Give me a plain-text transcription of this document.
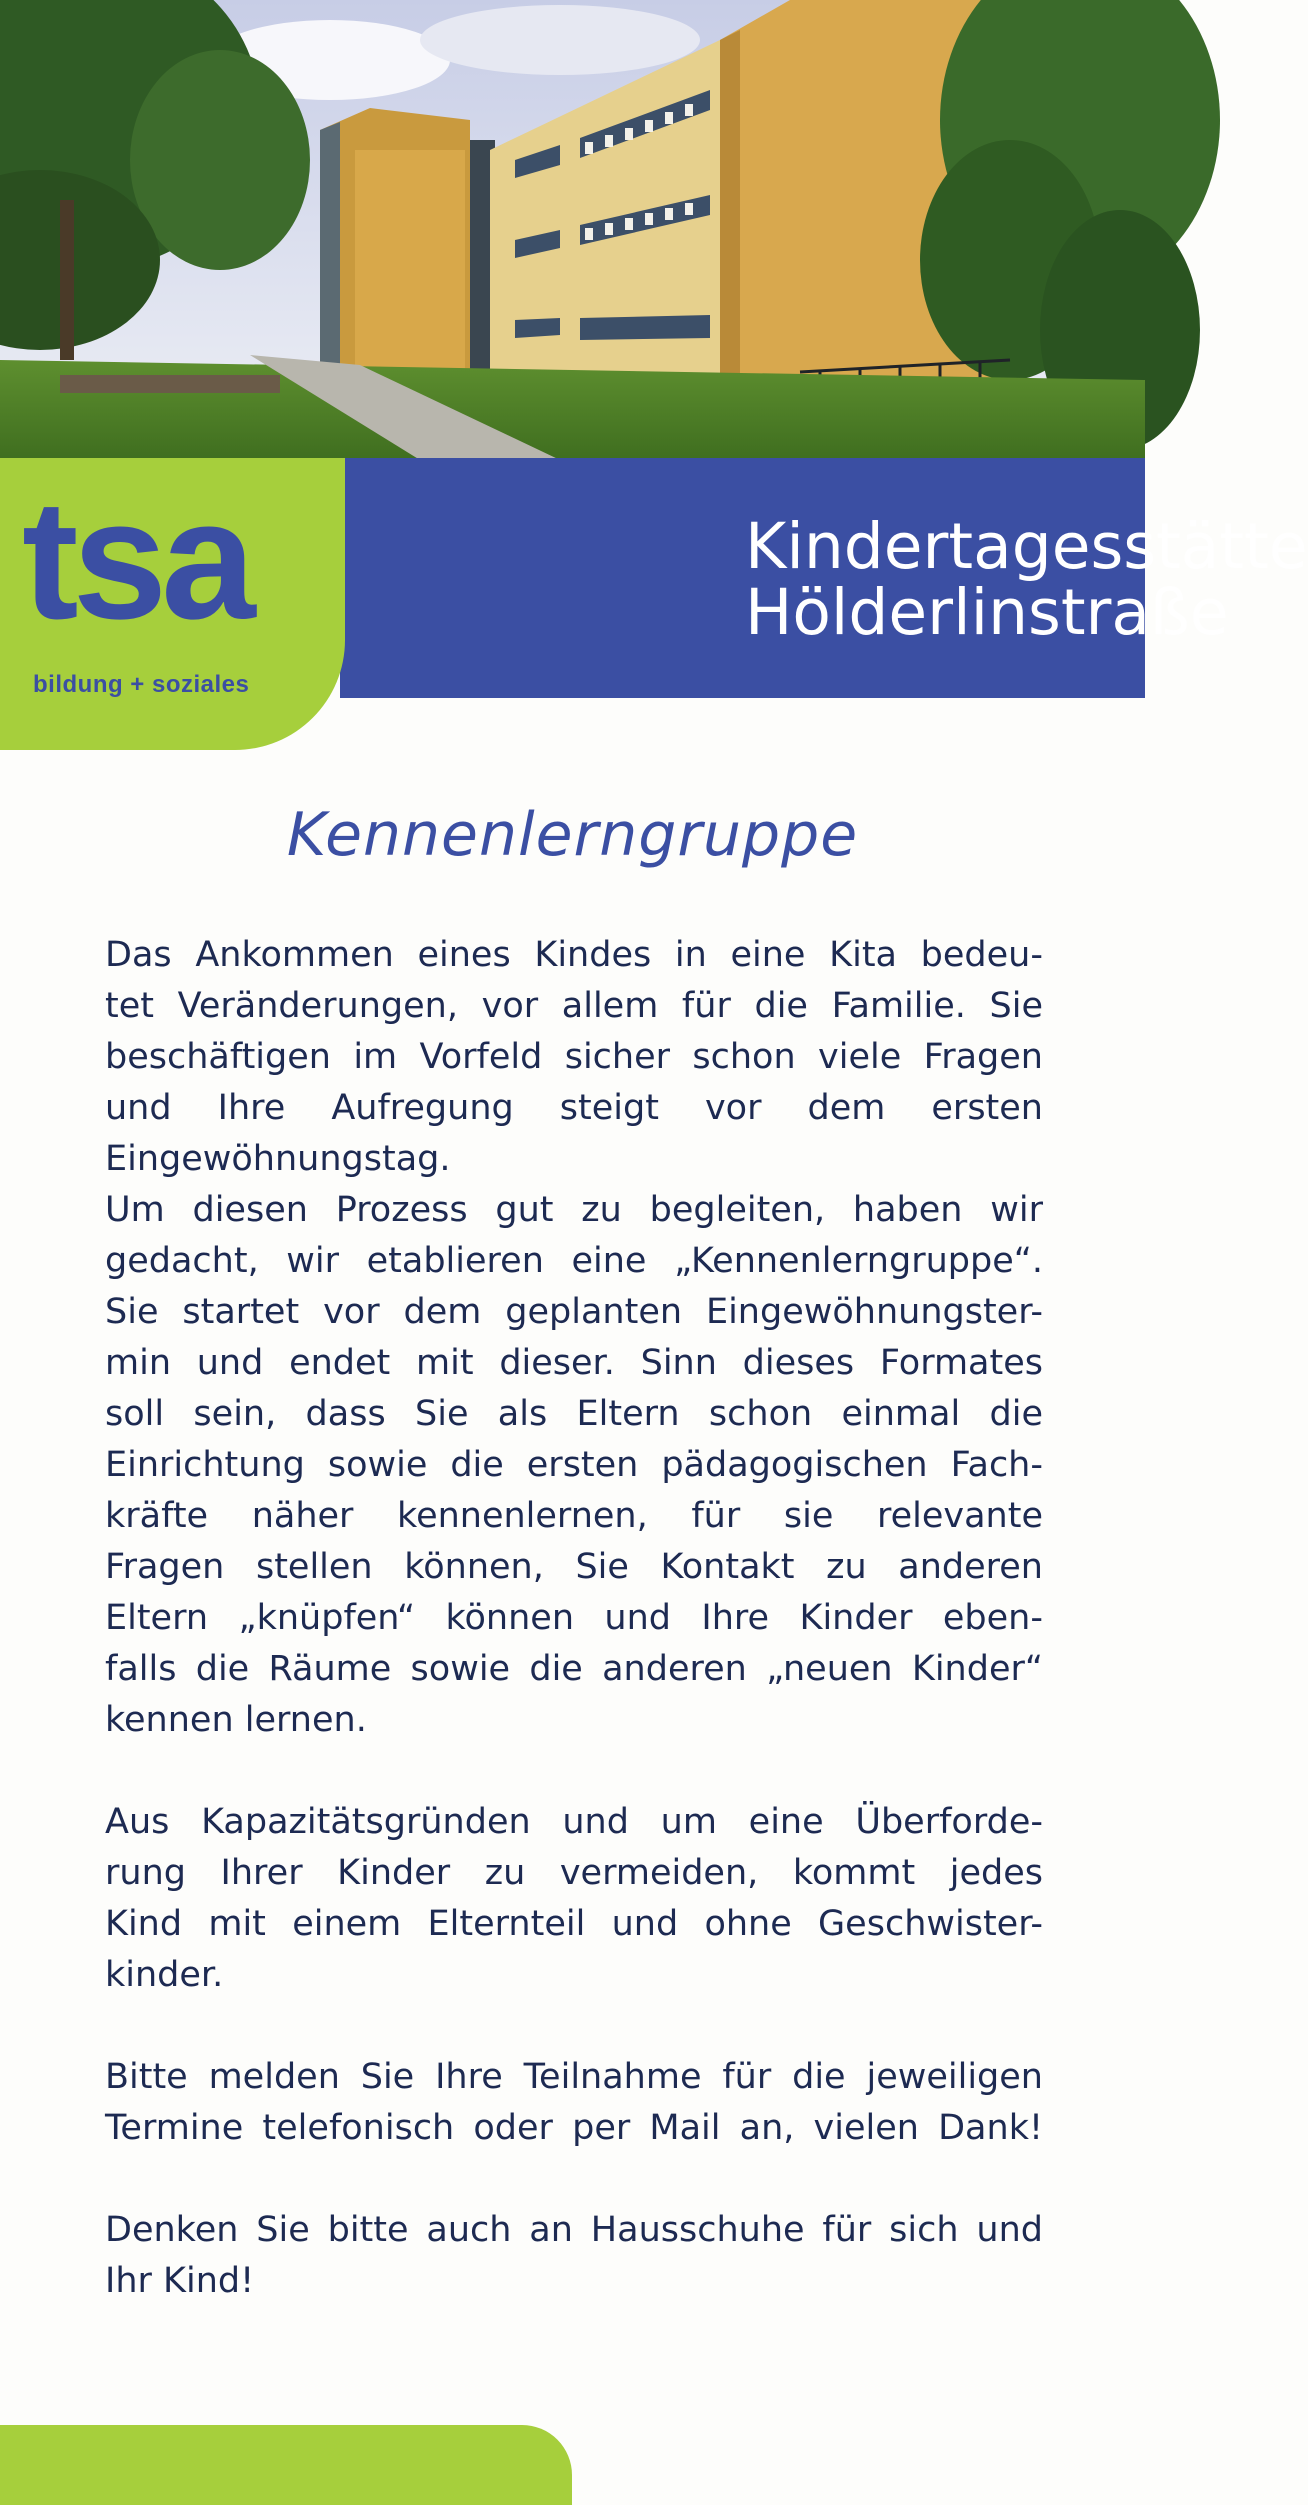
Kindertagesstätte
Hölderlinstraße
tsa
bildung + soziales
Kennenlerngruppe
Das Ankommen eines Kindes in eine Kita bedeu-
tet Veränderungen, vor allem für die Familie. Sie
beschäftigen im Vorfeld sicher schon viele Fragen
und Ihre Aufregung steigt vor dem ersten
Eingewöhnungstag.
Um diesen Prozess gut zu begleiten, haben wir
gedacht, wir etablieren eine „Kennenlerngruppe“.
Sie startet vor dem geplanten Eingewöhnungster-
min und endet mit dieser. Sinn dieses Formates
soll sein, dass Sie als Eltern schon einmal die
Einrichtung sowie die ersten pädagogischen Fach-
kräfte näher kennenlernen, für sie relevante
Fragen stellen können, Sie Kontakt zu anderen
Eltern „knüpfen“ können und Ihre Kinder eben-
falls die Räume sowie die anderen „neuen Kinder“
kennen lernen.
Aus Kapazitätsgründen und um eine Überforde-
rung Ihrer Kinder zu vermeiden, kommt jedes
Kind mit einem Elternteil und ohne Geschwister-
kinder.
Bitte melden Sie Ihre Teilnahme für die jeweiligen
Termine telefonisch oder per Mail an, vielen Dank!
Denken Sie bitte auch an Hausschuhe für sich und
Ihr Kind!
